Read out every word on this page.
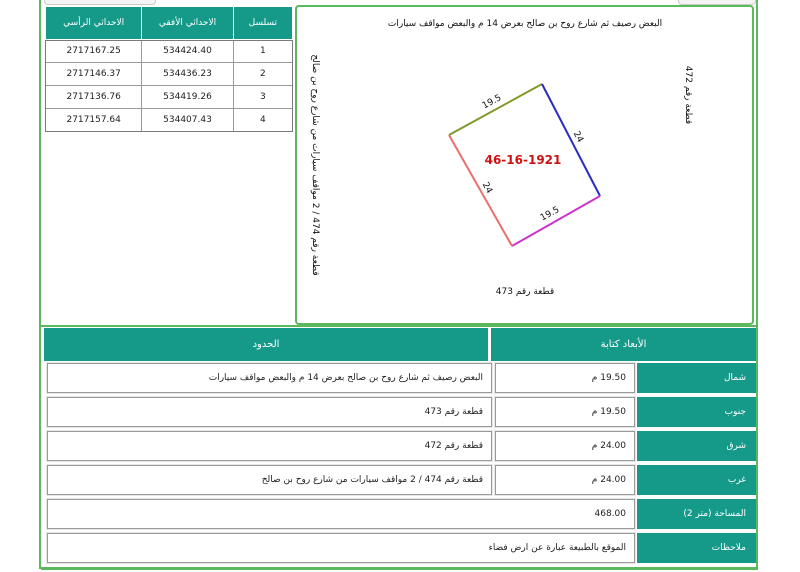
الاحداثي الرأسي	الاحداثي الأفقي	تسلسل
2717167.25	534424.40	1
2717146.37	534436.23	2
2717136.76	534419.26	3
2717157.64	534407.43	4
البعض رصيف ثم شارع روح بن صالح بعرض 14 م والبعض مواقف سيارات
قطعة رقم 472
قطعة رقم 474 / 2 مواقف سيارات من شارع روح بن صالح
قطعة رقم 473
19.5
24
24
19.5
46-16-1921
الحدود	الأبعاد كتابة
البعض رصيف ثم شارع روح بن صالح بعرض 14 م والبعض مواقف سيارات	19.50 م	شمال
قطعة رقم 473	19.50 م	جنوب
قطعة رقم 472	24.00 م	شرق
قطعة رقم 474 / 2 مواقف سيارات من شارع روح بن صالح	24.00 م	غرب
468.00	المساحة (متر 2)
الموقع بالطبيعة عبارة عن ارض فضاء	ملاحظات
